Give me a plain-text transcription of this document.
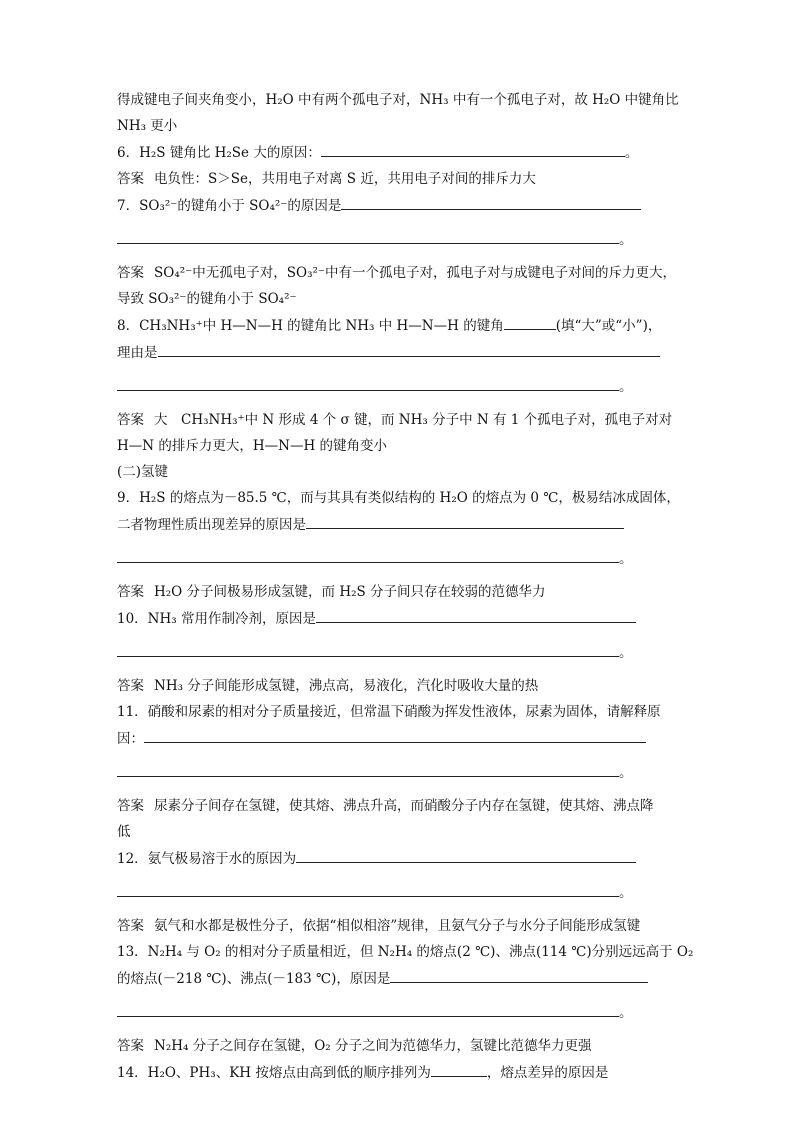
得成键电子间夹角变小，H₂O 中有两个孤电子对，NH₃ 中有一个孤电子对，故 H₂O 中键角比
NH₃ 更小
6．H₂S 键角比 H₂Se 大的原因：	。
答案 电负性：S＞Se，共用电子对离 S 近，共用电子对间的排斥力大
7．SO₃²⁻的键角小于 SO₄²⁻的原因是
。
答案 SO₄²⁻中无孤电子对，SO₃²⁻中有一个孤电子对，孤电子对与成键电子对间的斥力更大，
导致 SO₃²⁻的键角小于 SO₄²⁻
8．CH₃NH₃⁺中 H—N—H 的键角比 NH₃ 中 H—N—H 的键角	(填“大”或“小”)，
理由是
。
答案 大　CH₃NH₃⁺中 N 形成 4 个 σ 键，而 NH₃ 分子中 N 有 1 个孤电子对，孤电子对对
H—N 的排斥力更大，H—N—H 的键角变小
(二)氢键
9．H₂S 的熔点为－85.5 ℃，而与其具有类似结构的 H₂O 的熔点为 0 ℃，极易结冰成固体，
二者物理性质出现差异的原因是
。
答案 H₂O 分子间极易形成氢键，而 H₂S 分子间只存在较弱的范德华力
10．NH₃ 常用作制冷剂，原因是
。
答案 NH₃ 分子间能形成氢键，沸点高，易液化，汽化时吸收大量的热
11．硝酸和尿素的相对分子质量接近，但常温下硝酸为挥发性液体，尿素为固体，请解释原
因：
。
答案 尿素分子间存在氢键，使其熔、沸点升高，而硝酸分子内存在氢键，使其熔、沸点降
低
12．氨气极易溶于水的原因为
。
答案 氨气和水都是极性分子，依据“相似相溶”规律，且氨气分子与水分子间能形成氢键
13．N₂H₄ 与 O₂ 的相对分子质量相近，但 N₂H₄ 的熔点(2 ℃)、沸点(114 ℃)分别远远高于 O₂
的熔点(－218 ℃)、沸点(－183 ℃)，原因是
。
答案 N₂H₄ 分子之间存在氢键，O₂ 分子之间为范德华力，氢键比范德华力更强
14．H₂O、PH₃、KH 按熔点由高到低的顺序排列为	，熔点差异的原因是
